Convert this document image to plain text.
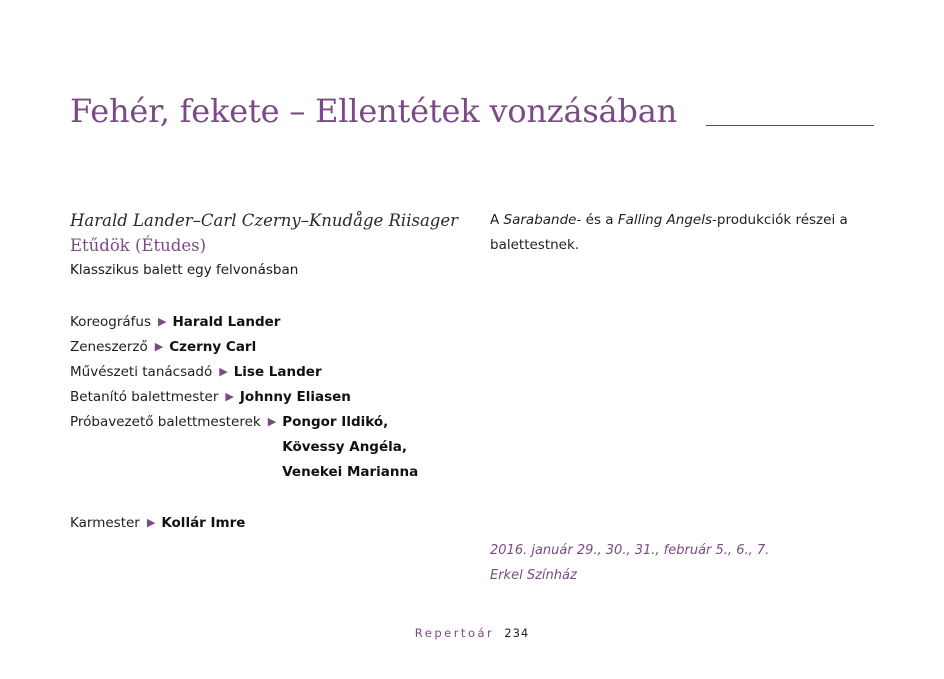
Fehér, fekete – Ellentétek vonzásában
Harald Lander–Carl Czerny–Knudåge Riisager
Etűdök (Études)
Klasszikus balett egy felvonásban
Koreográfus ▶ Harald Lander
Zeneszerző ▶ Czerny Carl
Művészeti tanácsadó ▶ Lise Lander
Betanító balettmester ▶ Johnny Eliasen
Próbavezető balettmesterek ▶ Pongor Ildikó,
Kövessy Angéla,
Venekei Marianna
Karmester ▶ Kollár Imre
A Sarabande- és a Falling Angels-produkciók részei a balettestnek.
2016. január 29., 30., 31., február 5., 6., 7.
Erkel Színház
Repertoár 234
